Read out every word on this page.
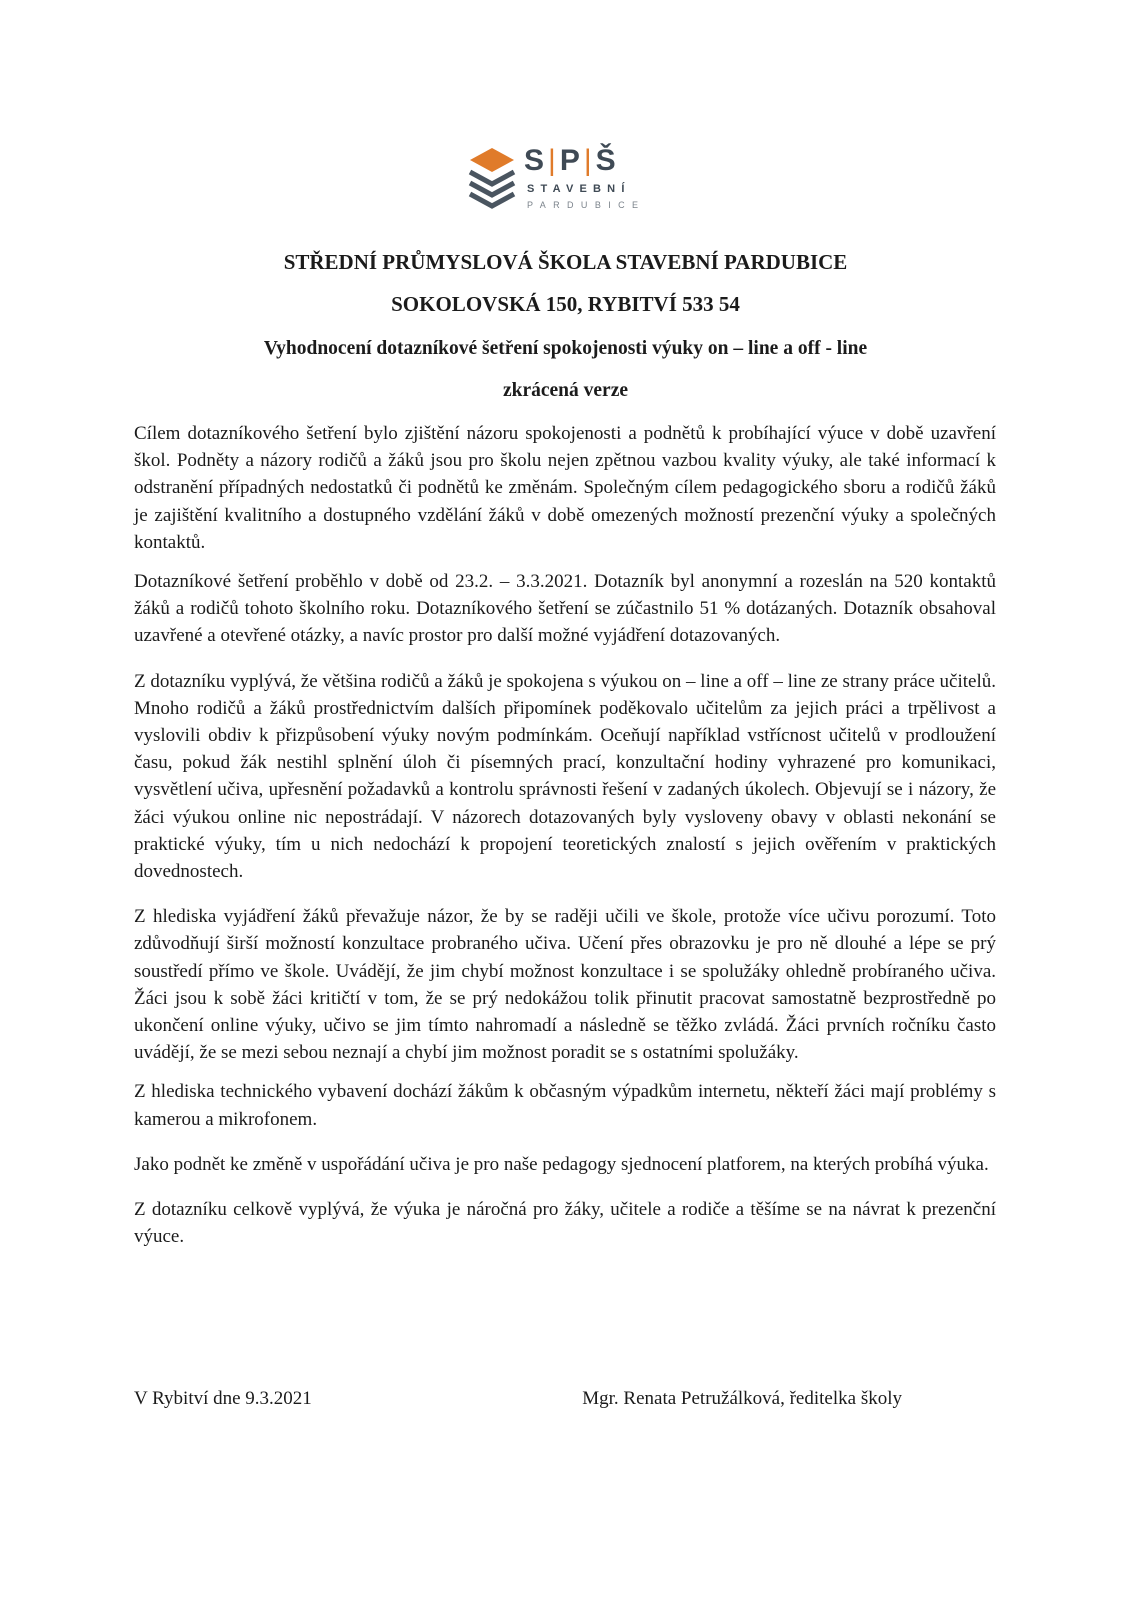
S | P | Š
STAVEBNÍ
PARDUBICE
STŘEDNÍ PRŮMYSLOVÁ ŠKOLA STAVEBNÍ PARDUBICE
SOKOLOVSKÁ 150, RYBITVÍ 533 54
Vyhodnocení dotazníkové šetření spokojenosti výuky on – line a off - line
zkrácená verze

Cílem dotazníkového šetření bylo zjištění názoru spokojenosti a podnětů k probíhající výuce v době uzavření škol. Podněty a názory rodičů a žáků jsou pro školu nejen zpětnou vazbou kvality výuky, ale také informací k odstranění případných nedostatků či podnětů ke změnám. Společným cílem pedagogického sboru a rodičů žáků je zajištění kvalitního a dostupného vzdělání žáků v době omezených možností prezenční výuky a společných kontaktů.

Dotazníkové šetření proběhlo v době od 23.2. – 3.3.2021. Dotazník byl anonymní a rozeslán na 520 kontaktů žáků a rodičů tohoto školního roku. Dotazníkového šetření se zúčastnilo 51 % dotázaných. Dotazník obsahoval uzavřené a otevřené otázky, a navíc prostor pro další možné vyjádření dotazovaných.

Z dotazníku vyplývá, že většina rodičů a žáků je spokojena s výukou on – line a off – line ze strany práce učitelů. Mnoho rodičů a žáků prostřednictvím dalších připomínek poděkovalo učitelům za jejich práci a trpělivost a vyslovili obdiv k přizpůsobení výuky novým podmínkám. Oceňují například vstřícnost učitelů v prodloužení času, pokud žák nestihl splnění úloh či písemných prací, konzultační hodiny vyhrazené pro komunikaci, vysvětlení učiva, upřesnění požadavků a kontrolu správnosti řešení v zadaných úkolech. Objevují se i názory, že žáci výukou online nic nepostrádají. V názorech dotazovaných byly vysloveny obavy v oblasti nekonání se praktické výuky, tím u nich nedochází k propojení teoretických znalostí s jejich ověřením v praktických dovednostech.

Z hlediska vyjádření žáků převažuje názor, že by se raději učili ve škole, protože více učivu porozumí. Toto zdůvodňují širší možností konzultace probraného učiva. Učení přes obrazovku je pro ně dlouhé a lépe se prý soustředí přímo ve škole. Uvádějí, že jim chybí možnost konzultace i se spolužáky ohledně probíraného učiva. Žáci jsou k sobě žáci kritičtí v tom, že se prý nedokážou tolik přinutit pracovat samostatně bezprostředně po ukončení online výuky, učivo se jim tímto nahromadí a následně se těžko zvládá. Žáci prvních ročníku často uvádějí, že se mezi sebou neznají a chybí jim možnost poradit se s ostatními spolužáky.

Z hlediska technického vybavení dochází žákům k občasným výpadkům internetu, někteří žáci mají problémy s kamerou a mikrofonem.

Jako podnět ke změně v uspořádání učiva je pro naše pedagogy sjednocení platforem, na kterých probíhá výuka.

Z dotazníku celkově vyplývá, že výuka je náročná pro žáky, učitele a rodiče a těšíme se na návrat k prezenční výuce.

V Rybitví dne 9.3.2021	Mgr. Renata Petružálková, ředitelka školy
